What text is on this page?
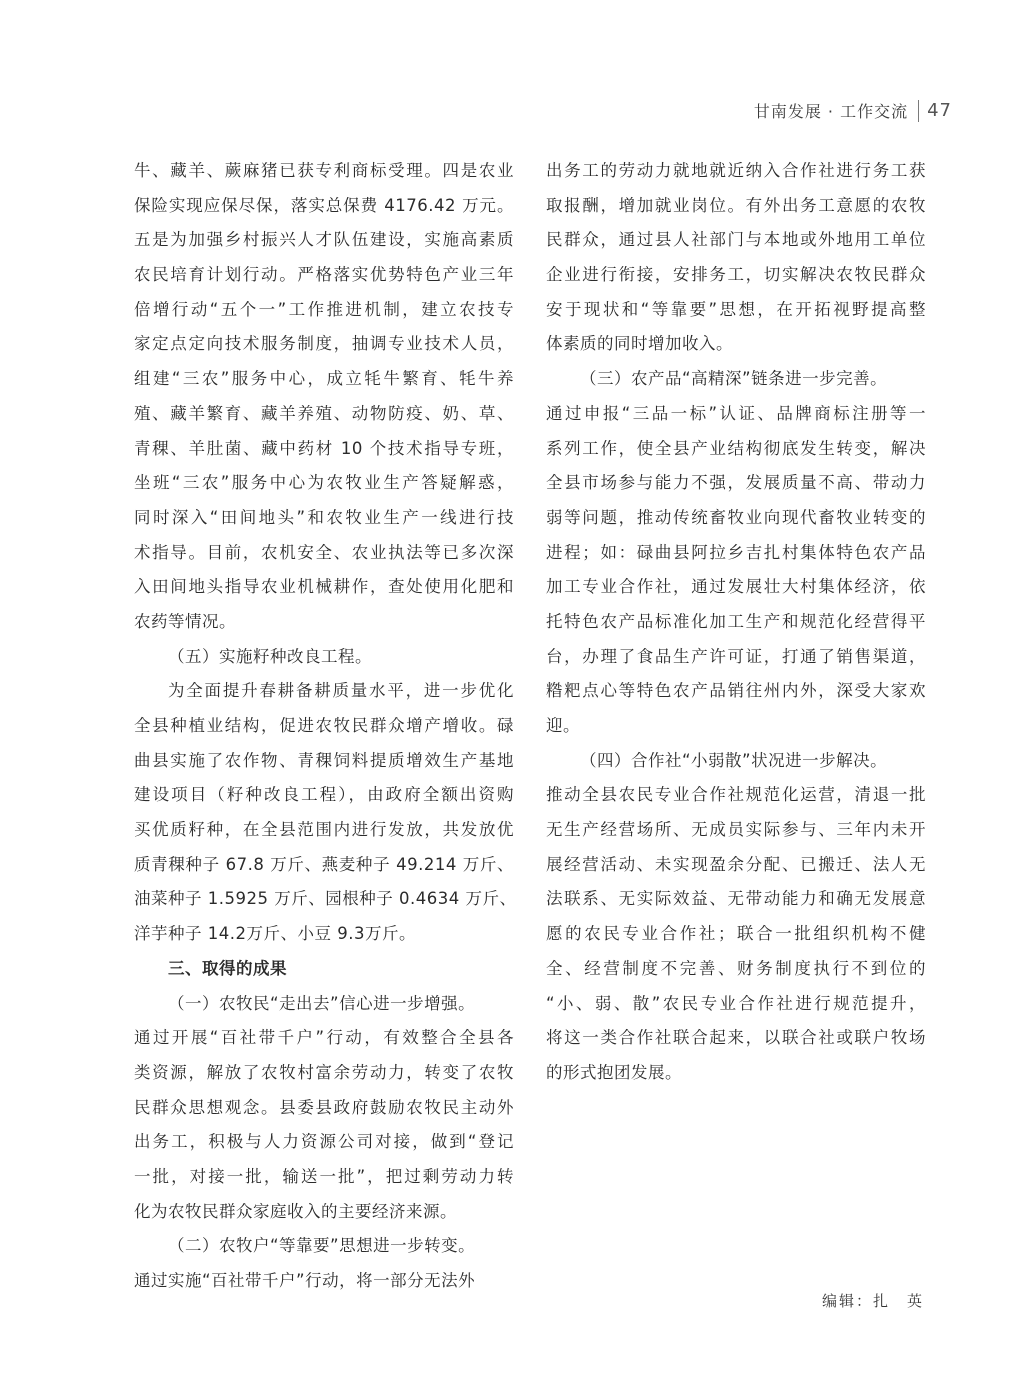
甘南发展 · 工作交流 47
牛、藏羊、蕨麻猪已获专利商标受理。四是农业
保险实现应保尽保，落实总保费 4176.42 万元。
五是为加强乡村振兴人才队伍建设，实施高素质
农民培育计划行动。严格落实优势特色产业三年
倍增行动“五个一”工作推进机制，建立农技专
家定点定向技术服务制度，抽调专业技术人员，
组建“三农”服务中心，成立牦牛繁育、牦牛养
殖、藏羊繁育、藏羊养殖、动物防疫、奶、草、
青稞、羊肚菌、藏中药材 10 个技术指导专班，
坐班“三农”服务中心为农牧业生产答疑解惑，
同时深入“田间地头”和农牧业生产一线进行技
术指导。目前，农机安全、农业执法等已多次深
入田间地头指导农业机械耕作，查处使用化肥和
农药等情况。
（五）实施籽种改良工程。
为全面提升春耕备耕质量水平，进一步优化
全县种植业结构，促进农牧民群众增产增收。碌
曲县实施了农作物、青稞饲料提质增效生产基地
建设项目（籽种改良工程），由政府全额出资购
买优质籽种，在全县范围内进行发放，共发放优
质青稞种子 67.8 万斤、燕麦种子 49.214 万斤、
油菜种子 1.5925 万斤、园根种子 0.4634 万斤、
洋芋种子 14.2万斤、小豆 9.3万斤。
三、取得的成果
（一）农牧民“走出去”信心进一步增强。
通过开展“百社带千户”行动，有效整合全县各
类资源，解放了农牧村富余劳动力，转变了农牧
民群众思想观念。县委县政府鼓励农牧民主动外
出务工，积极与人力资源公司对接，做到“登记
一批，对接一批，输送一批”，把过剩劳动力转
化为农牧民群众家庭收入的主要经济来源。
（二）农牧户“等靠要”思想进一步转变。
通过实施“百社带千户”行动，将一部分无法外
出务工的劳动力就地就近纳入合作社进行务工获
取报酬，增加就业岗位。有外出务工意愿的农牧
民群众，通过县人社部门与本地或外地用工单位
企业进行衔接，安排务工，切实解决农牧民群众
安于现状和“等靠要”思想，在开拓视野提高整
体素质的同时增加收入。
（三）农产品“高精深”链条进一步完善。
通过申报“三品一标”认证、品牌商标注册等一
系列工作，使全县产业结构彻底发生转变，解决
全县市场参与能力不强，发展质量不高、带动力
弱等问题，推动传统畜牧业向现代畜牧业转变的
进程；如：碌曲县阿拉乡吉扎村集体特色农产品
加工专业合作社，通过发展壮大村集体经济，依
托特色农产品标准化加工生产和规范化经营得平
台，办理了食品生产许可证，打通了销售渠道，
糌粑点心等特色农产品销往州内外，深受大家欢
迎。
（四）合作社“小弱散”状况进一步解决。
推动全县农民专业合作社规范化运营，清退一批
无生产经营场所、无成员实际参与、三年内未开
展经营活动、未实现盈余分配、已搬迁、法人无
法联系、无实际效益、无带动能力和确无发展意
愿的农民专业合作社；联合一批组织机构不健
全、经营制度不完善、财务制度执行不到位的
“小、弱、散”农民专业合作社进行规范提升，
将这一类合作社联合起来，以联合社或联户牧场
的形式抱团发展。
编辑：扎　英
